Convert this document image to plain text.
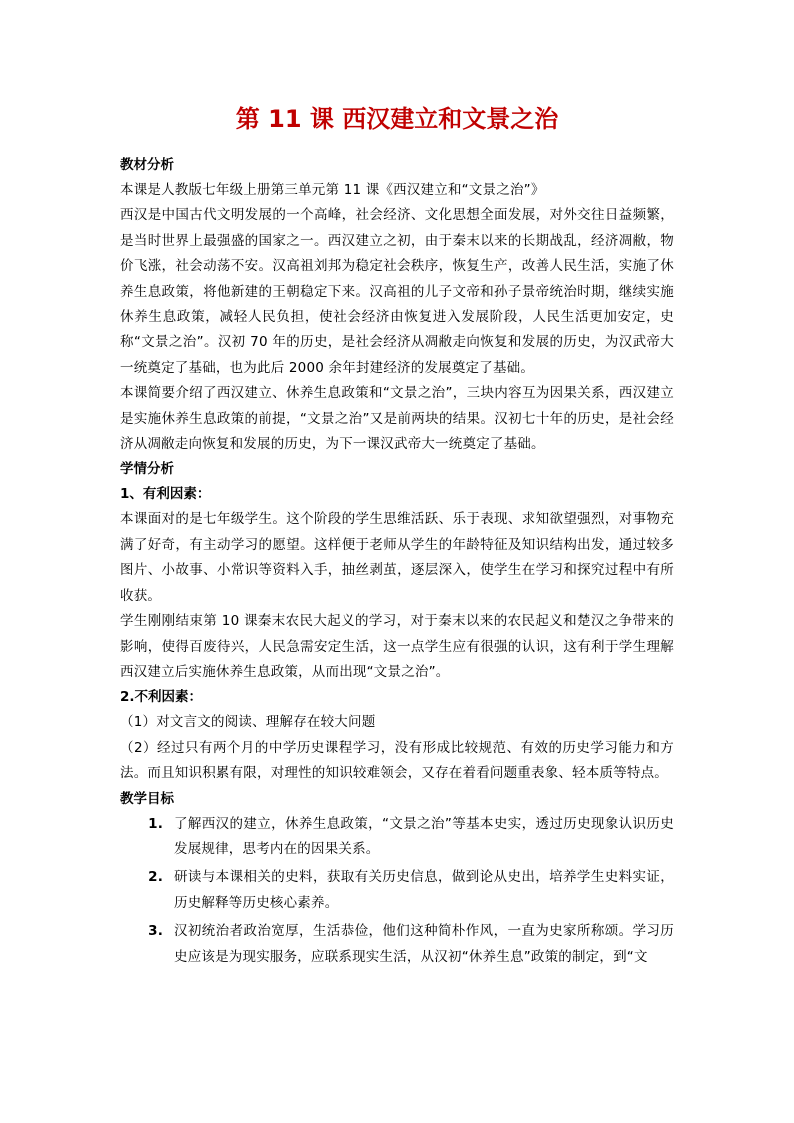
第 11 课 西汉建立和文景之治

教材分析

本课是人教版七年级上册第三单元第 11 课《西汉建立和“文景之治”》

西汉是中国古代文明发展的一个高峰，社会经济、文化思想全面发展，对外交往日益频繁，是当时世界上最强盛的国家之一。西汉建立之初，由于秦末以来的长期战乱，经济凋敝，物价飞涨，社会动荡不安。汉高祖刘邦为稳定社会秩序，恢复生产，改善人民生活，实施了休养生息政策，将他新建的王朝稳定下来。汉高祖的儿子文帝和孙子景帝统治时期，继续实施休养生息政策，减轻人民负担，使社会经济由恢复进入发展阶段，人民生活更加安定，史称“文景之治”。汉初 70 年的历史，是社会经济从凋敝走向恢复和发展的历史，为汉武帝大一统奠定了基础，也为此后 2000 余年封建经济的发展奠定了基础。

本课简要介绍了西汉建立、休养生息政策和“文景之治”，三块内容互为因果关系，西汉建立是实施休养生息政策的前提，“文景之治”又是前两块的结果。汉初七十年的历史，是社会经济从凋敝走向恢复和发展的历史，为下一课汉武帝大一统奠定了基础。

学情分析

1、有利因素：

本课面对的是七年级学生。这个阶段的学生思维活跃、乐于表现、求知欲望强烈，对事物充满了好奇，有主动学习的愿望。这样便于老师从学生的年龄特征及知识结构出发，通过较多图片、小故事、小常识等资料入手，抽丝剥茧，逐层深入，使学生在学习和探究过程中有所收获。

学生刚刚结束第 10 课秦末农民大起义的学习，对于秦末以来的农民起义和楚汉之争带来的影响，使得百废待兴，人民急需安定生活，这一点学生应有很强的认识，这有利于学生理解西汉建立后实施休养生息政策，从而出现“文景之治”。

2.不利因素：

（1）对文言文的阅读、理解存在较大问题

（2）经过只有两个月的中学历史课程学习，没有形成比较规范、有效的历史学习能力和方法。而且知识积累有限，对理性的知识较难领会，又存在着看问题重表象、轻本质等特点。

教学目标

1. 了解西汉的建立，休养生息政策，“文景之治”等基本史实，透过历史现象认识历史发展规律，思考内在的因果关系。
2. 研读与本课相关的史料，获取有关历史信息，做到论从史出，培养学生史料实证，历史解释等历史核心素养。
3. 汉初统治者政治宽厚，生活恭俭，他们这种简朴作风，一直为史家所称颂。学习历史应该是为现实服务，应联系现实生活，从汉初“休养生息”政策的制定，到“文
